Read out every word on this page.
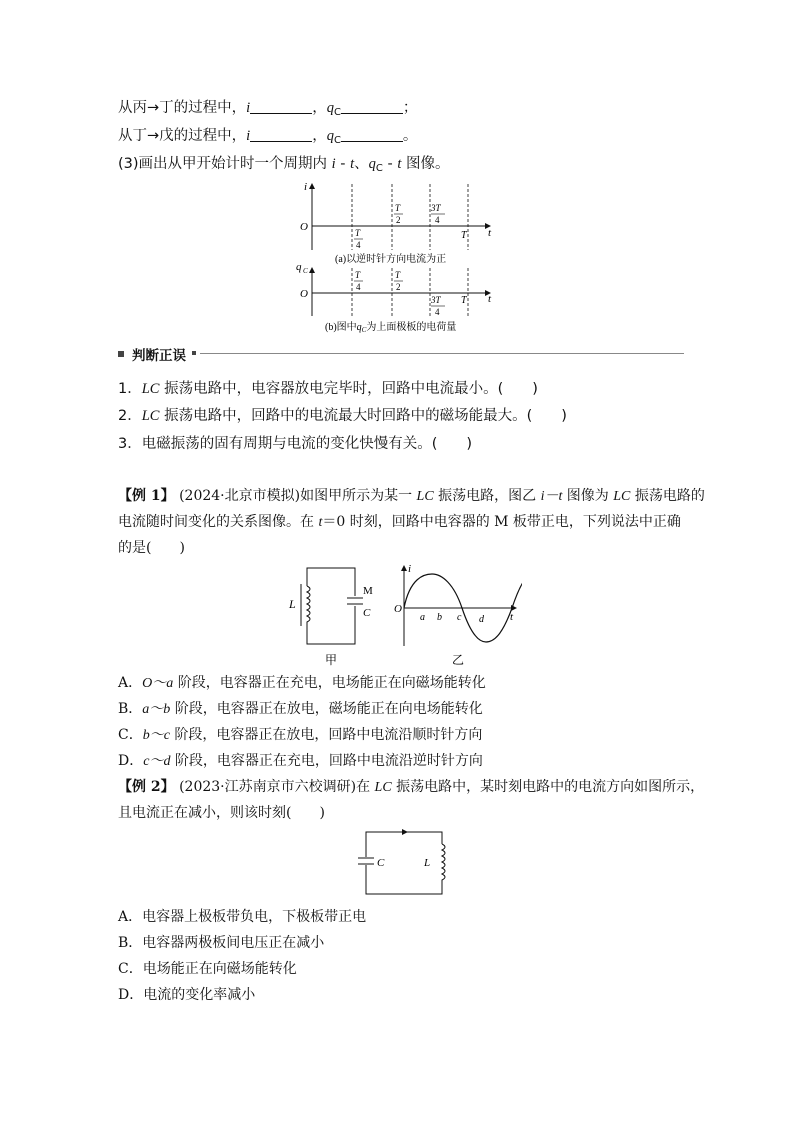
从丙→丁的过程中，i	，$q_C$	；
从丁→戊的过程中，i	，$q_C$	。
(3)画出从甲开始计时一个周期内 i - t、$q_C$ - t 图像。
i
O	t
T
T
4
T
2
3T
4
(a)以逆时针方向电流为正
q C
O	t
T
T
4
T
2
3T
4
(b)图中$q_C$为上面极板的电荷量
判断正误
1．LC 振荡电路中，电容器放电完毕时，回路中电流最小。(　　)
2．LC 振荡电路中，回路中的电流最大时回路中的磁场能最大。(　　)
3．电磁振荡的固有周期与电流的变化快慢有关。(　　)
【例 1】 (2024·北京市模拟)如图甲所示为某一 LC 振荡电路，图乙 i－t 图像为 LC 振荡电路的
电流随时间变化的关系图像。在 t＝0 时刻，回路中电容器的 M 板带正电，下列说法中正确
的是(　　)
L
M
C
甲
i
O
t
a b c d
乙
A．O～a 阶段，电容器正在充电，电场能正在向磁场能转化
B．a～b 阶段，电容器正在放电，磁场能正在向电场能转化
C．b～c 阶段，电容器正在放电，回路中电流沿顺时针方向
D．c～d 阶段，电容器正在充电，回路中电流沿逆时针方向
【例 2】 (2023·江苏南京市六校调研)在 LC 振荡电路中，某时刻电路中的电流方向如图所示，
且电流正在减小，则该时刻(　　)
C	L
A．电容器上极板带负电，下极板带正电
B．电容器两极板间电压正在减小
C．电场能正在向磁场能转化
D．电流的变化率减小
